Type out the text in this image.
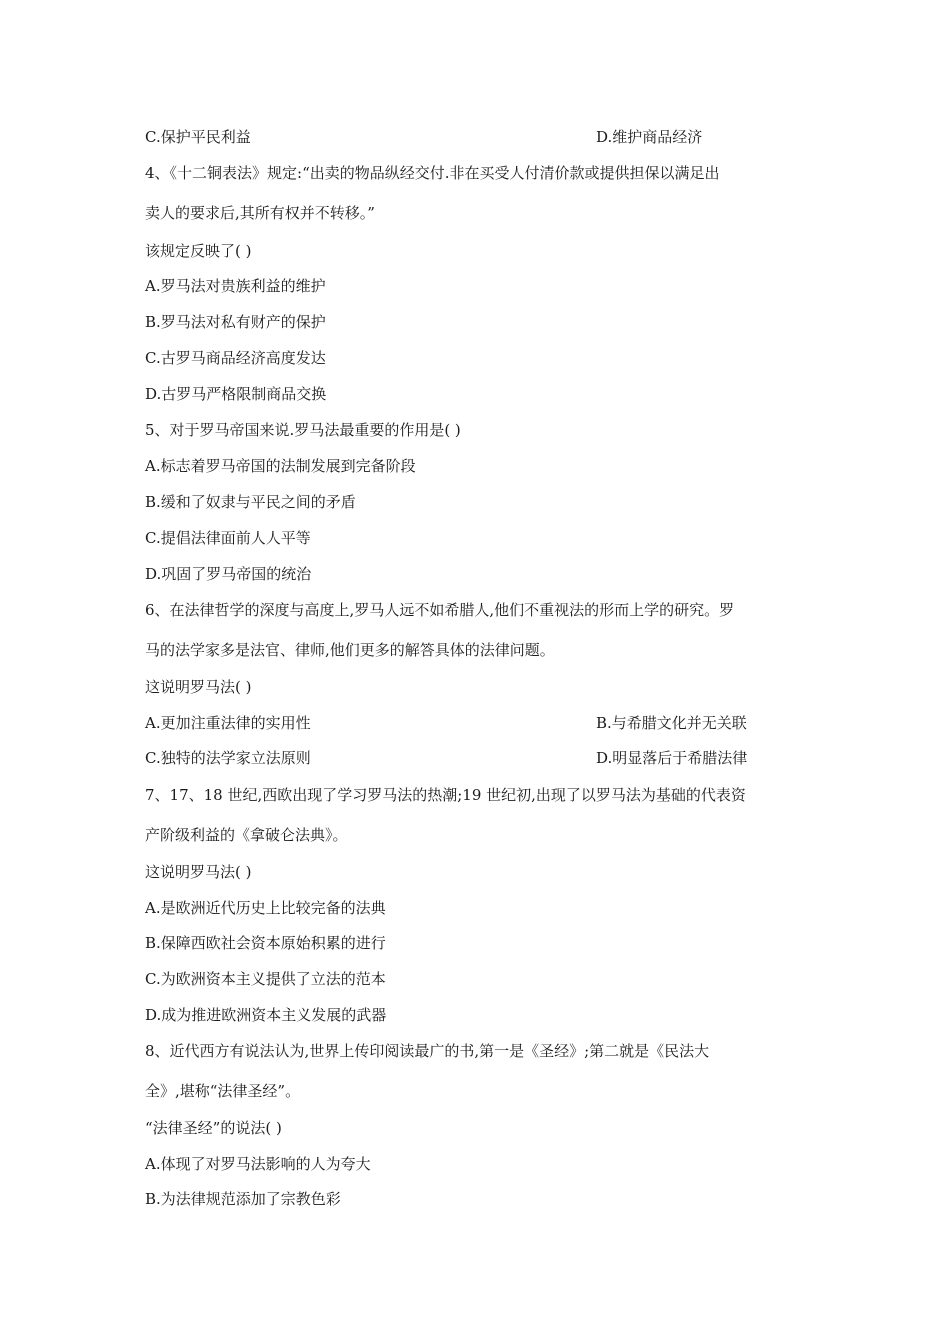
C.保护平民利益	D.维护商品经济
4、《十二铜表法》规定:“出卖的物品纵经交付.非在买受人付清价款或提供担保以满足出
卖人的要求后,其所有权并不转移。”
该规定反映了( )
A.罗马法对贵族利益的维护
B.罗马法对私有财产的保护
C.古罗马商品经济高度发达
D.古罗马严格限制商品交换
5、对于罗马帝国来说.罗马法最重要的作用是( )
A.标志着罗马帝国的法制发展到完备阶段
B.缓和了奴隶与平民之间的矛盾
C.提倡法律面前人人平等
D.巩固了罗马帝国的统治
6、在法律哲学的深度与高度上,罗马人远不如希腊人,他们不重视法的形而上学的研究。罗
马的法学家多是法官、律师,他们更多的解答具体的法律问题。
这说明罗马法( )
A.更加注重法律的实用性	B.与希腊文化并无关联
C.独特的法学家立法原则	D.明显落后于希腊法律
7、17、18 世纪,西欧出现了学习罗马法的热潮;19 世纪初,出现了以罗马法为基础的代表资
产阶级利益的《拿破仑法典》。
这说明罗马法( )
A.是欧洲近代历史上比较完备的法典
B.保障西欧社会资本原始积累的进行
C.为欧洲资本主义提供了立法的范本
D.成为推进欧洲资本主义发展的武器
8、近代西方有说法认为,世界上传印阅读最广的书,第一是《圣经》;第二就是《民法大
全》,堪称“法律圣经”。
“法律圣经”的说法( )
A.体现了对罗马法影响的人为夸大
B.为法律规范添加了宗教色彩
